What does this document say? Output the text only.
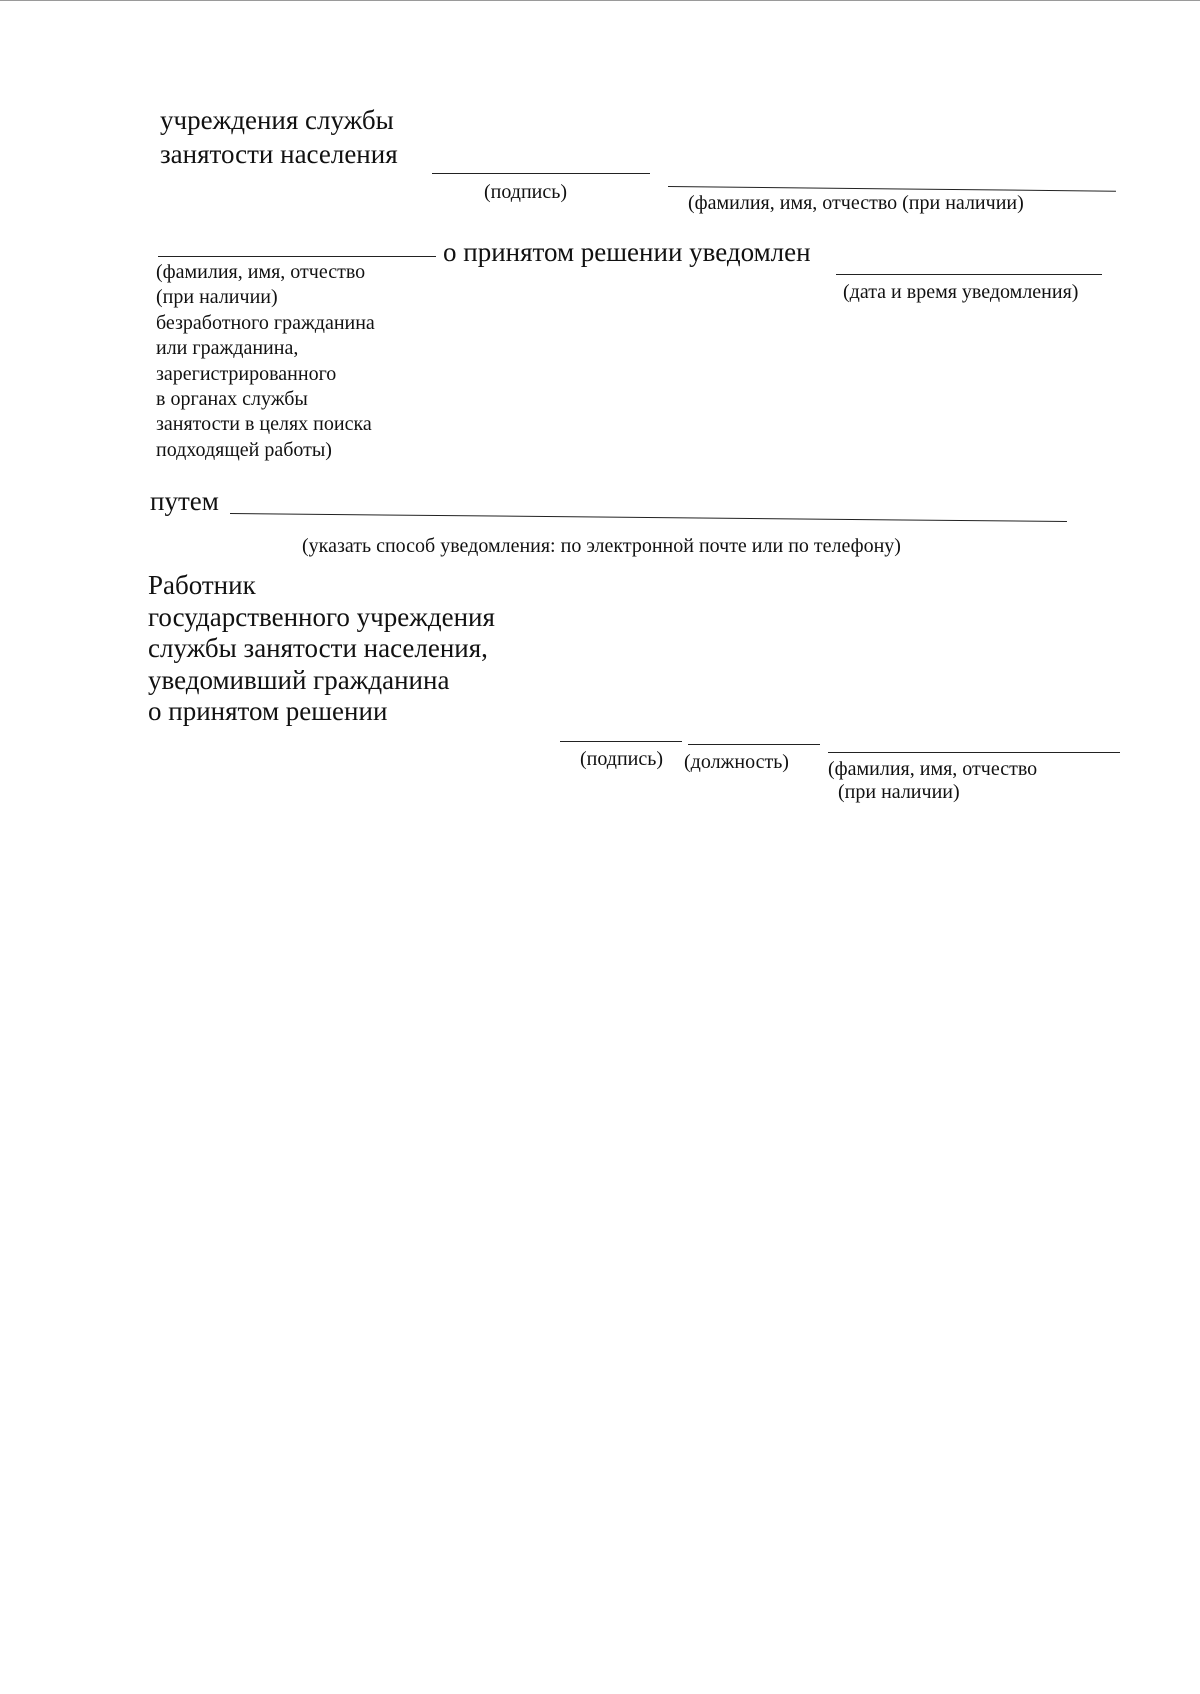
учреждения службы
занятости населения
(подпись)	(фамилия, имя, отчество (при наличии)
о принятом решении уведомлен
(дата и время уведомления)
(фамилия, имя, отчество
(при наличии)
безработного гражданина
или гражданина,
зарегистрированного
в органах службы
занятости в целях поиска
подходящей работы)
путем
(указать способ уведомления: по электронной почте или по телефону)
Работник
государственного учреждения
службы занятости населения,
уведомивший гражданина
о принятом решении
(подпись) (должность) (фамилия, имя, отчество
(при наличии)
